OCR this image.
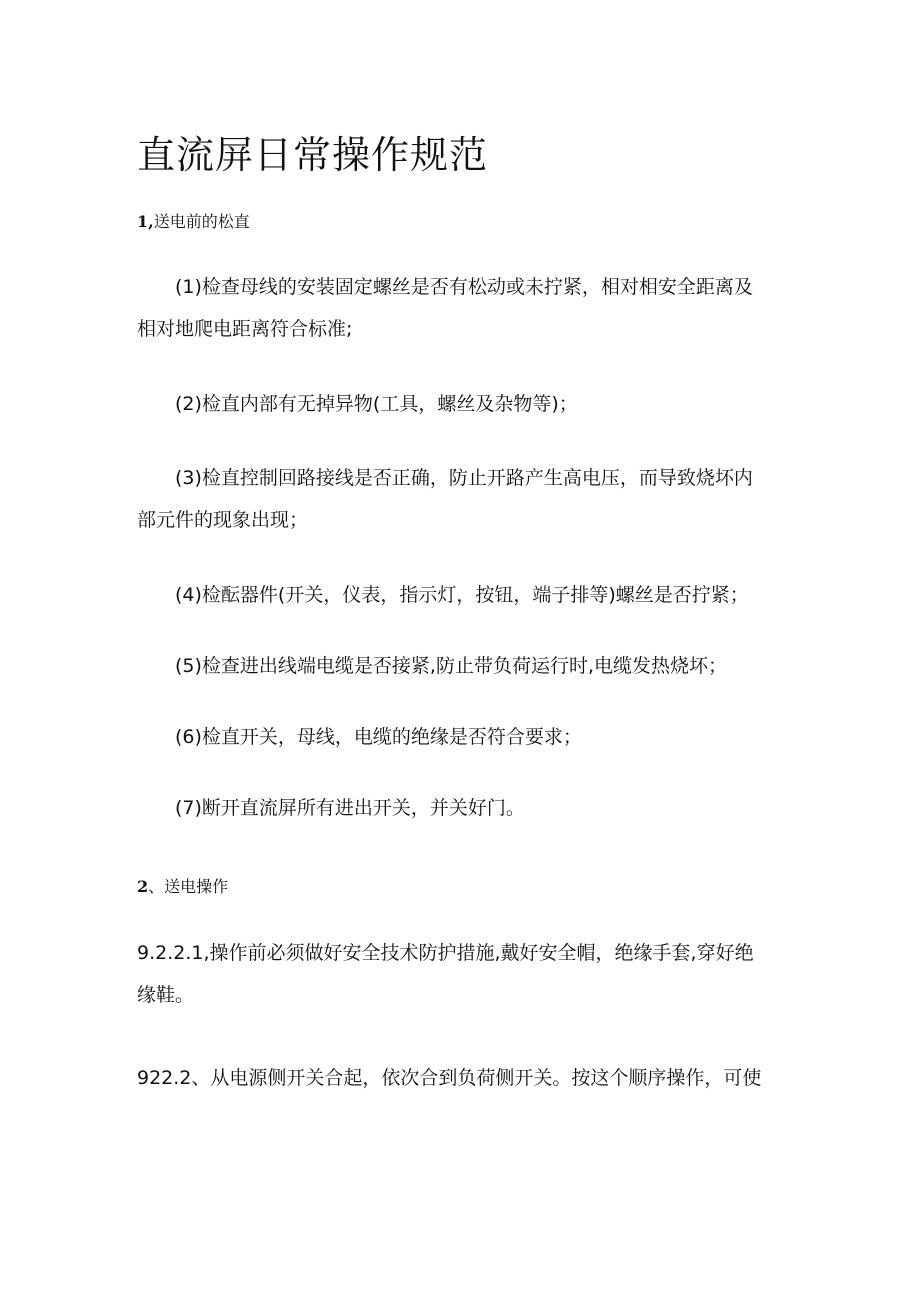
直流屏日常操作规范
1,送电前的松直

(1)检查母线的安装固定螺丝是否有松动或未拧紧，相对相安全距离及
相对地爬电距离符合标准;

(2)检直内部有无掉异物(工具，螺丝及杂物等)；

(3)检直控制回路接线是否正确，防止开路产生高电压，而导致烧坏内
部元件的现象出现；

(4)检酝器件(开关，仪表，指示灯，按钮，端子排等)螺丝是否拧紧；

(5)检查进出线端电缆是否接紧,防止带负荷运行时,电缆发热烧坏；

(6)检直开关，母线，电缆的绝缘是否符合要求；

(7)断开直流屏所有进出开关，并关好门。

2、送电操作

9.2.2.1,操作前必须做好安全技术防护措施,戴好安全帽，绝缘手套,穿好绝
缘鞋。

922.2、从电源侧开关合起，依次合到负荷侧开关。按这个顺序操作，可使
